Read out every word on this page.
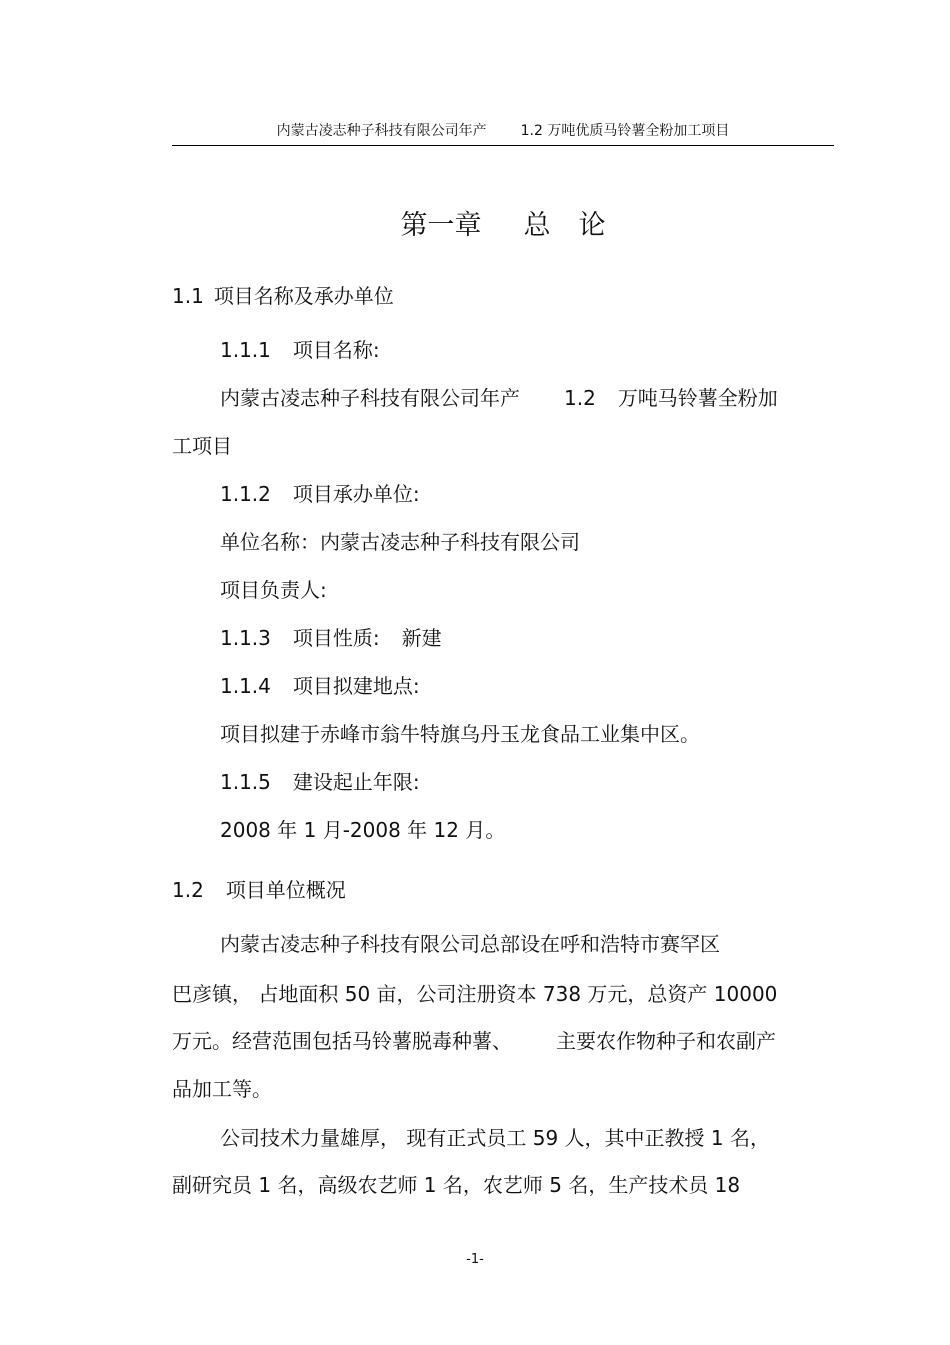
内蒙古凌志种子科技有限公司年产 1.2 万吨优质马铃薯全粉加工项目
第一章 总 论
1.1 项目名称及承办单位
1.1.1 项目名称:
内蒙古凌志种子科技有限公司年产 1.2 万吨马铃薯全粉加
工项目
1.1.2 项目承办单位:
单位名称：内蒙古凌志种子科技有限公司
项目负责人:
1.1.3 项目性质: 新建
1.1.4 项目拟建地点:
项目拟建于赤峰市翁牛特旗乌丹玉龙食品工业集中区。
1.1.5 建设起止年限:
2008 年 1 月-2008 年 12 月。
1.2 项目单位概况
内蒙古凌志种子科技有限公司总部设在呼和浩特市赛罕区
巴彦镇， 占地面积 50 亩，公司注册资本 738 万元，总资产 10000
万元。经营范围包括马铃薯脱毒种薯、 主要农作物种子和农副产
品加工等。
公司技术力量雄厚， 现有正式员工 59 人，其中正教授 1 名，
副研究员 1 名，高级农艺师 1 名，农艺师 5 名，生产技术员 18
-1-
